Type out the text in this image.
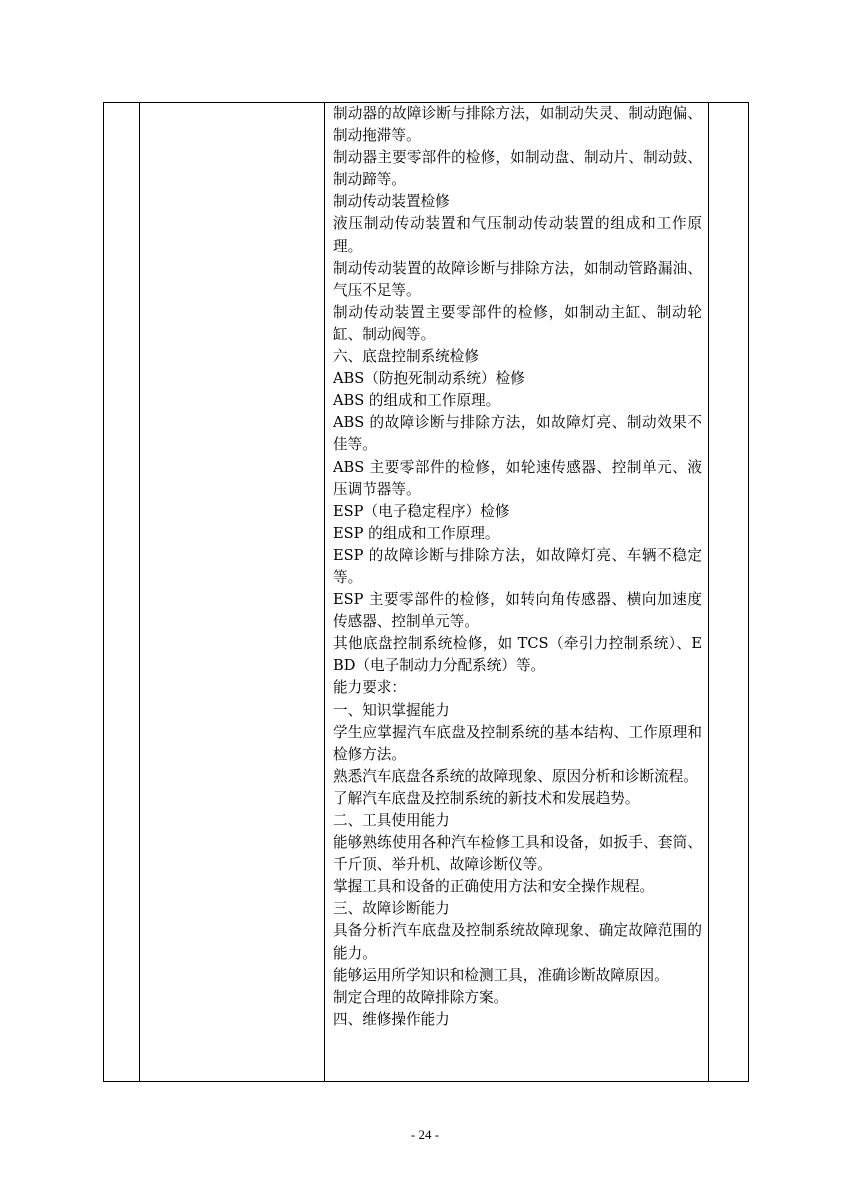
制动器的故障诊断与排除方法，如制动失灵、制动跑偏、制动拖滞等。

制动器主要零部件的检修，如制动盘、制动片、制动鼓、制动蹄等。

制动传动装置检修

液压制动传动装置和气压制动传动装置的组成和工作原理。

制动传动装置的故障诊断与排除方法，如制动管路漏油、气压不足等。

制动传动装置主要零部件的检修，如制动主缸、制动轮缸、制动阀等。

六、底盘控制系统检修

ABS（防抱死制动系统）检修

ABS 的组成和工作原理。

ABS 的故障诊断与排除方法，如故障灯亮、制动效果不佳等。

ABS 主要零部件的检修，如轮速传感器、控制单元、液压调节器等。

ESP（电子稳定程序）检修

ESP 的组成和工作原理。

ESP 的故障诊断与排除方法，如故障灯亮、车辆不稳定等。

ESP 主要零部件的检修，如转向角传感器、横向加速度传感器、控制单元等。

其他底盘控制系统检修，如 TCS（牵引力控制系统）、EBD（电子制动力分配系统）等。

能力要求：

一、知识掌握能力

学生应掌握汽车底盘及控制系统的基本结构、工作原理和检修方法。

熟悉汽车底盘各系统的故障现象、原因分析和诊断流程。

了解汽车底盘及控制系统的新技术和发展趋势。

二、工具使用能力

能够熟练使用各种汽车检修工具和设备，如扳手、套筒、千斤顶、举升机、故障诊断仪等。

掌握工具和设备的正确使用方法和安全操作规程。

三、故障诊断能力

具备分析汽车底盘及控制系统故障现象、确定故障范围的能力。

能够运用所学知识和检测工具，准确诊断故障原因。

制定合理的故障排除方案。

四、维修操作能力

- 24 -
